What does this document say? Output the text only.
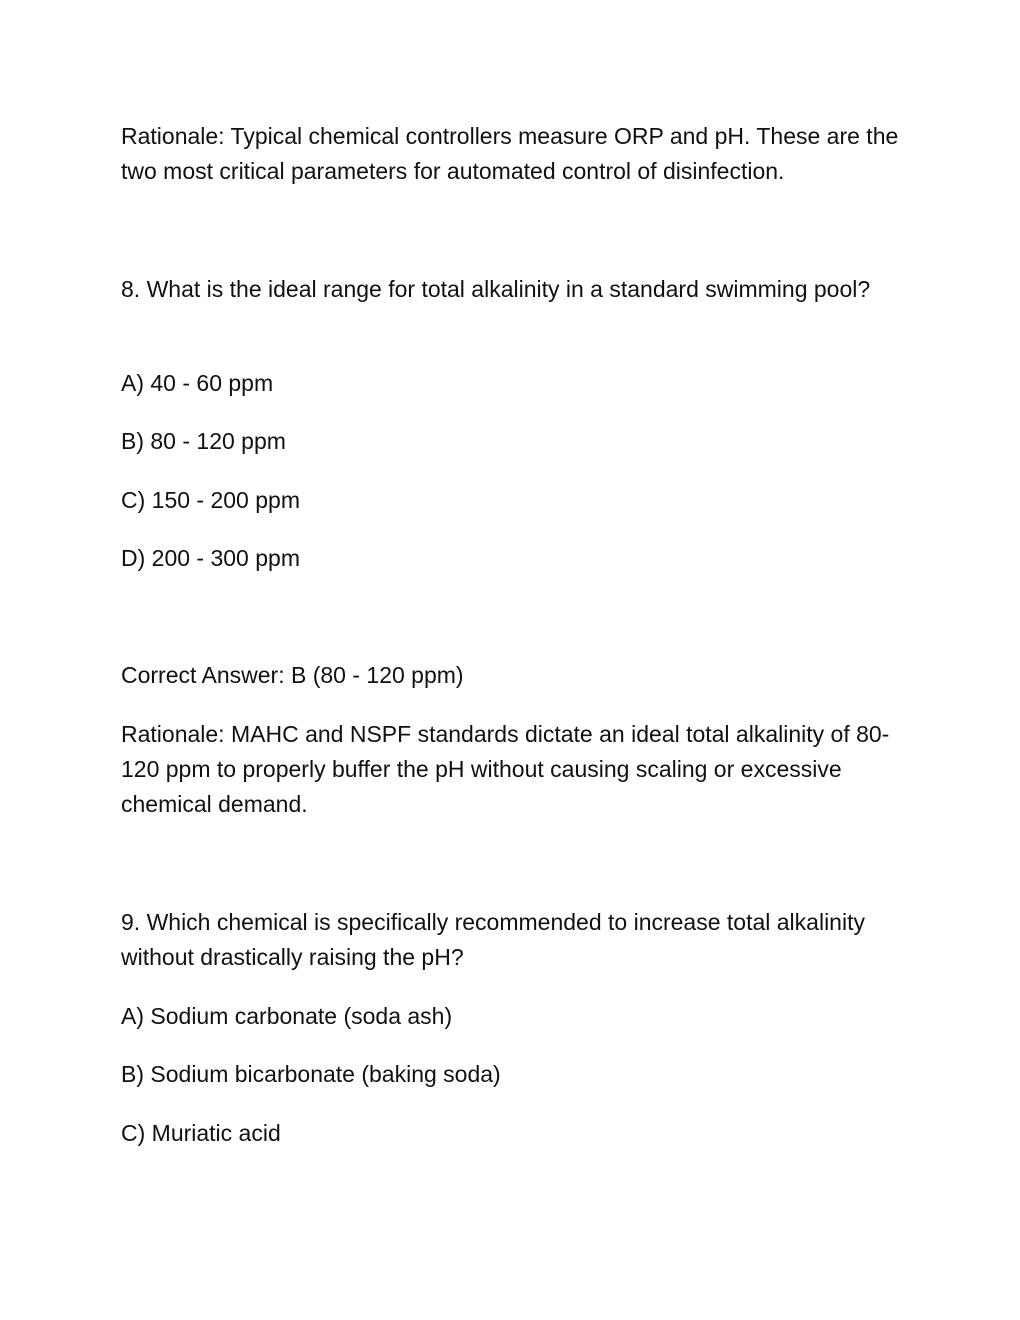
Rationale: Typical chemical controllers measure ORP and pH. These are the two most critical parameters for automated control of disinfection.

8. What is the ideal range for total alkalinity in a standard swimming pool?

A) 40 - 60 ppm

B) 80 - 120 ppm

C) 150 - 200 ppm

D) 200 - 300 ppm

Correct Answer: B (80 - 120 ppm)

Rationale: MAHC and NSPF standards dictate an ideal total alkalinity of 80-120 ppm to properly buffer the pH without causing scaling or excessive chemical demand.

9. Which chemical is specifically recommended to increase total alkalinity without drastically raising the pH?

A) Sodium carbonate (soda ash)

B) Sodium bicarbonate (baking soda)

C) Muriatic acid
